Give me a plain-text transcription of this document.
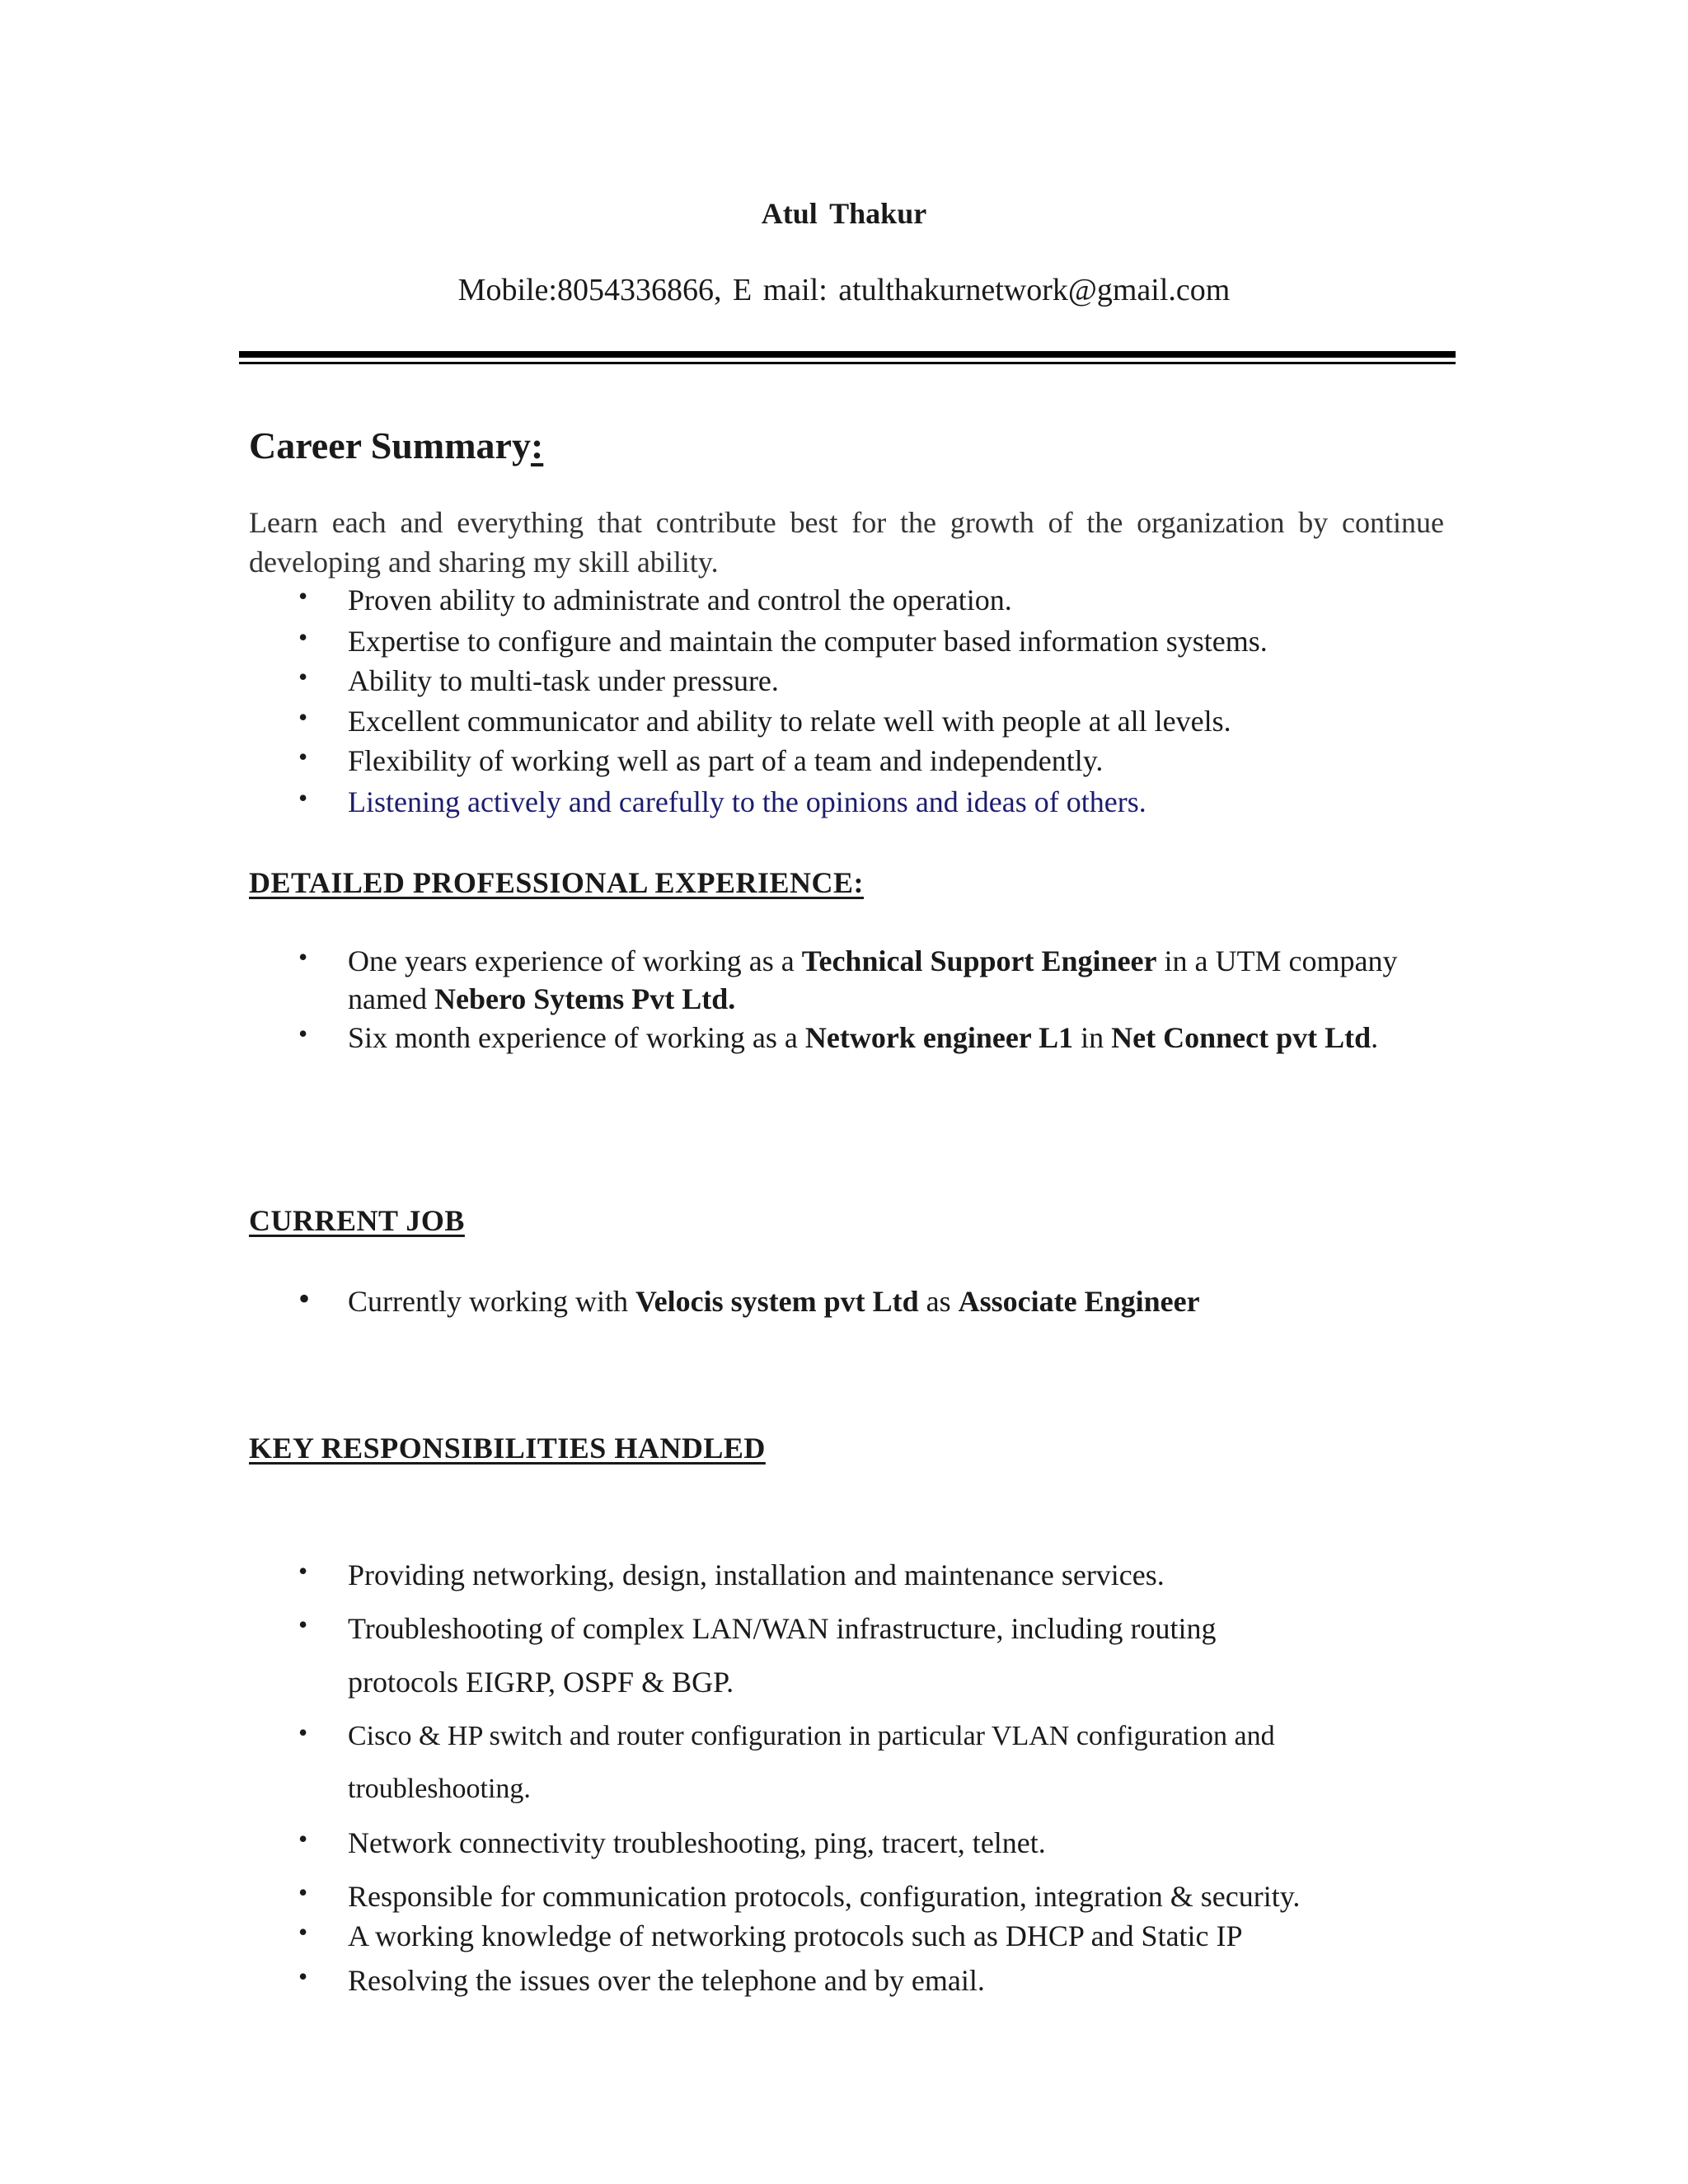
Atul Thakur
Mobile:8054336866, E mail: atulthakurnetwork@gmail.com
Career Summary:
Learn each and everything that contribute best for the growth of the organization by continue developing and sharing my skill ability.
• Proven ability to administrate and control the operation.
• Expertise to configure and maintain the computer based information systems.
• Ability to multi-task under pressure.
• Excellent communicator and ability to relate well with people at all levels.
• Flexibility of working well as part of a team and independently.
• Listening actively and carefully to the opinions and ideas of others.
DETAILED PROFESSIONAL EXPERIENCE:
• One years experience of working as a Technical Support Engineer in a UTM company named Nebero Sytems Pvt Ltd.
• Six month experience of working as a Network engineer L1 in Net Connect pvt Ltd.
CURRENT JOB
• Currently working with Velocis system pvt Ltd as Associate Engineer
KEY RESPONSIBILITIES HANDLED
• Providing networking, design, installation and maintenance services.
• Troubleshooting of complex LAN/WAN infrastructure, including routing
protocols EIGRP, OSPF & BGP.
• Cisco & HP switch and router configuration in particular VLAN configuration and
troubleshooting.
• Network connectivity troubleshooting, ping, tracert, telnet.
• Responsible for communication protocols, configuration, integration & security.
• A working knowledge of networking protocols such as DHCP and Static IP
• Resolving the issues over the telephone and by email.
